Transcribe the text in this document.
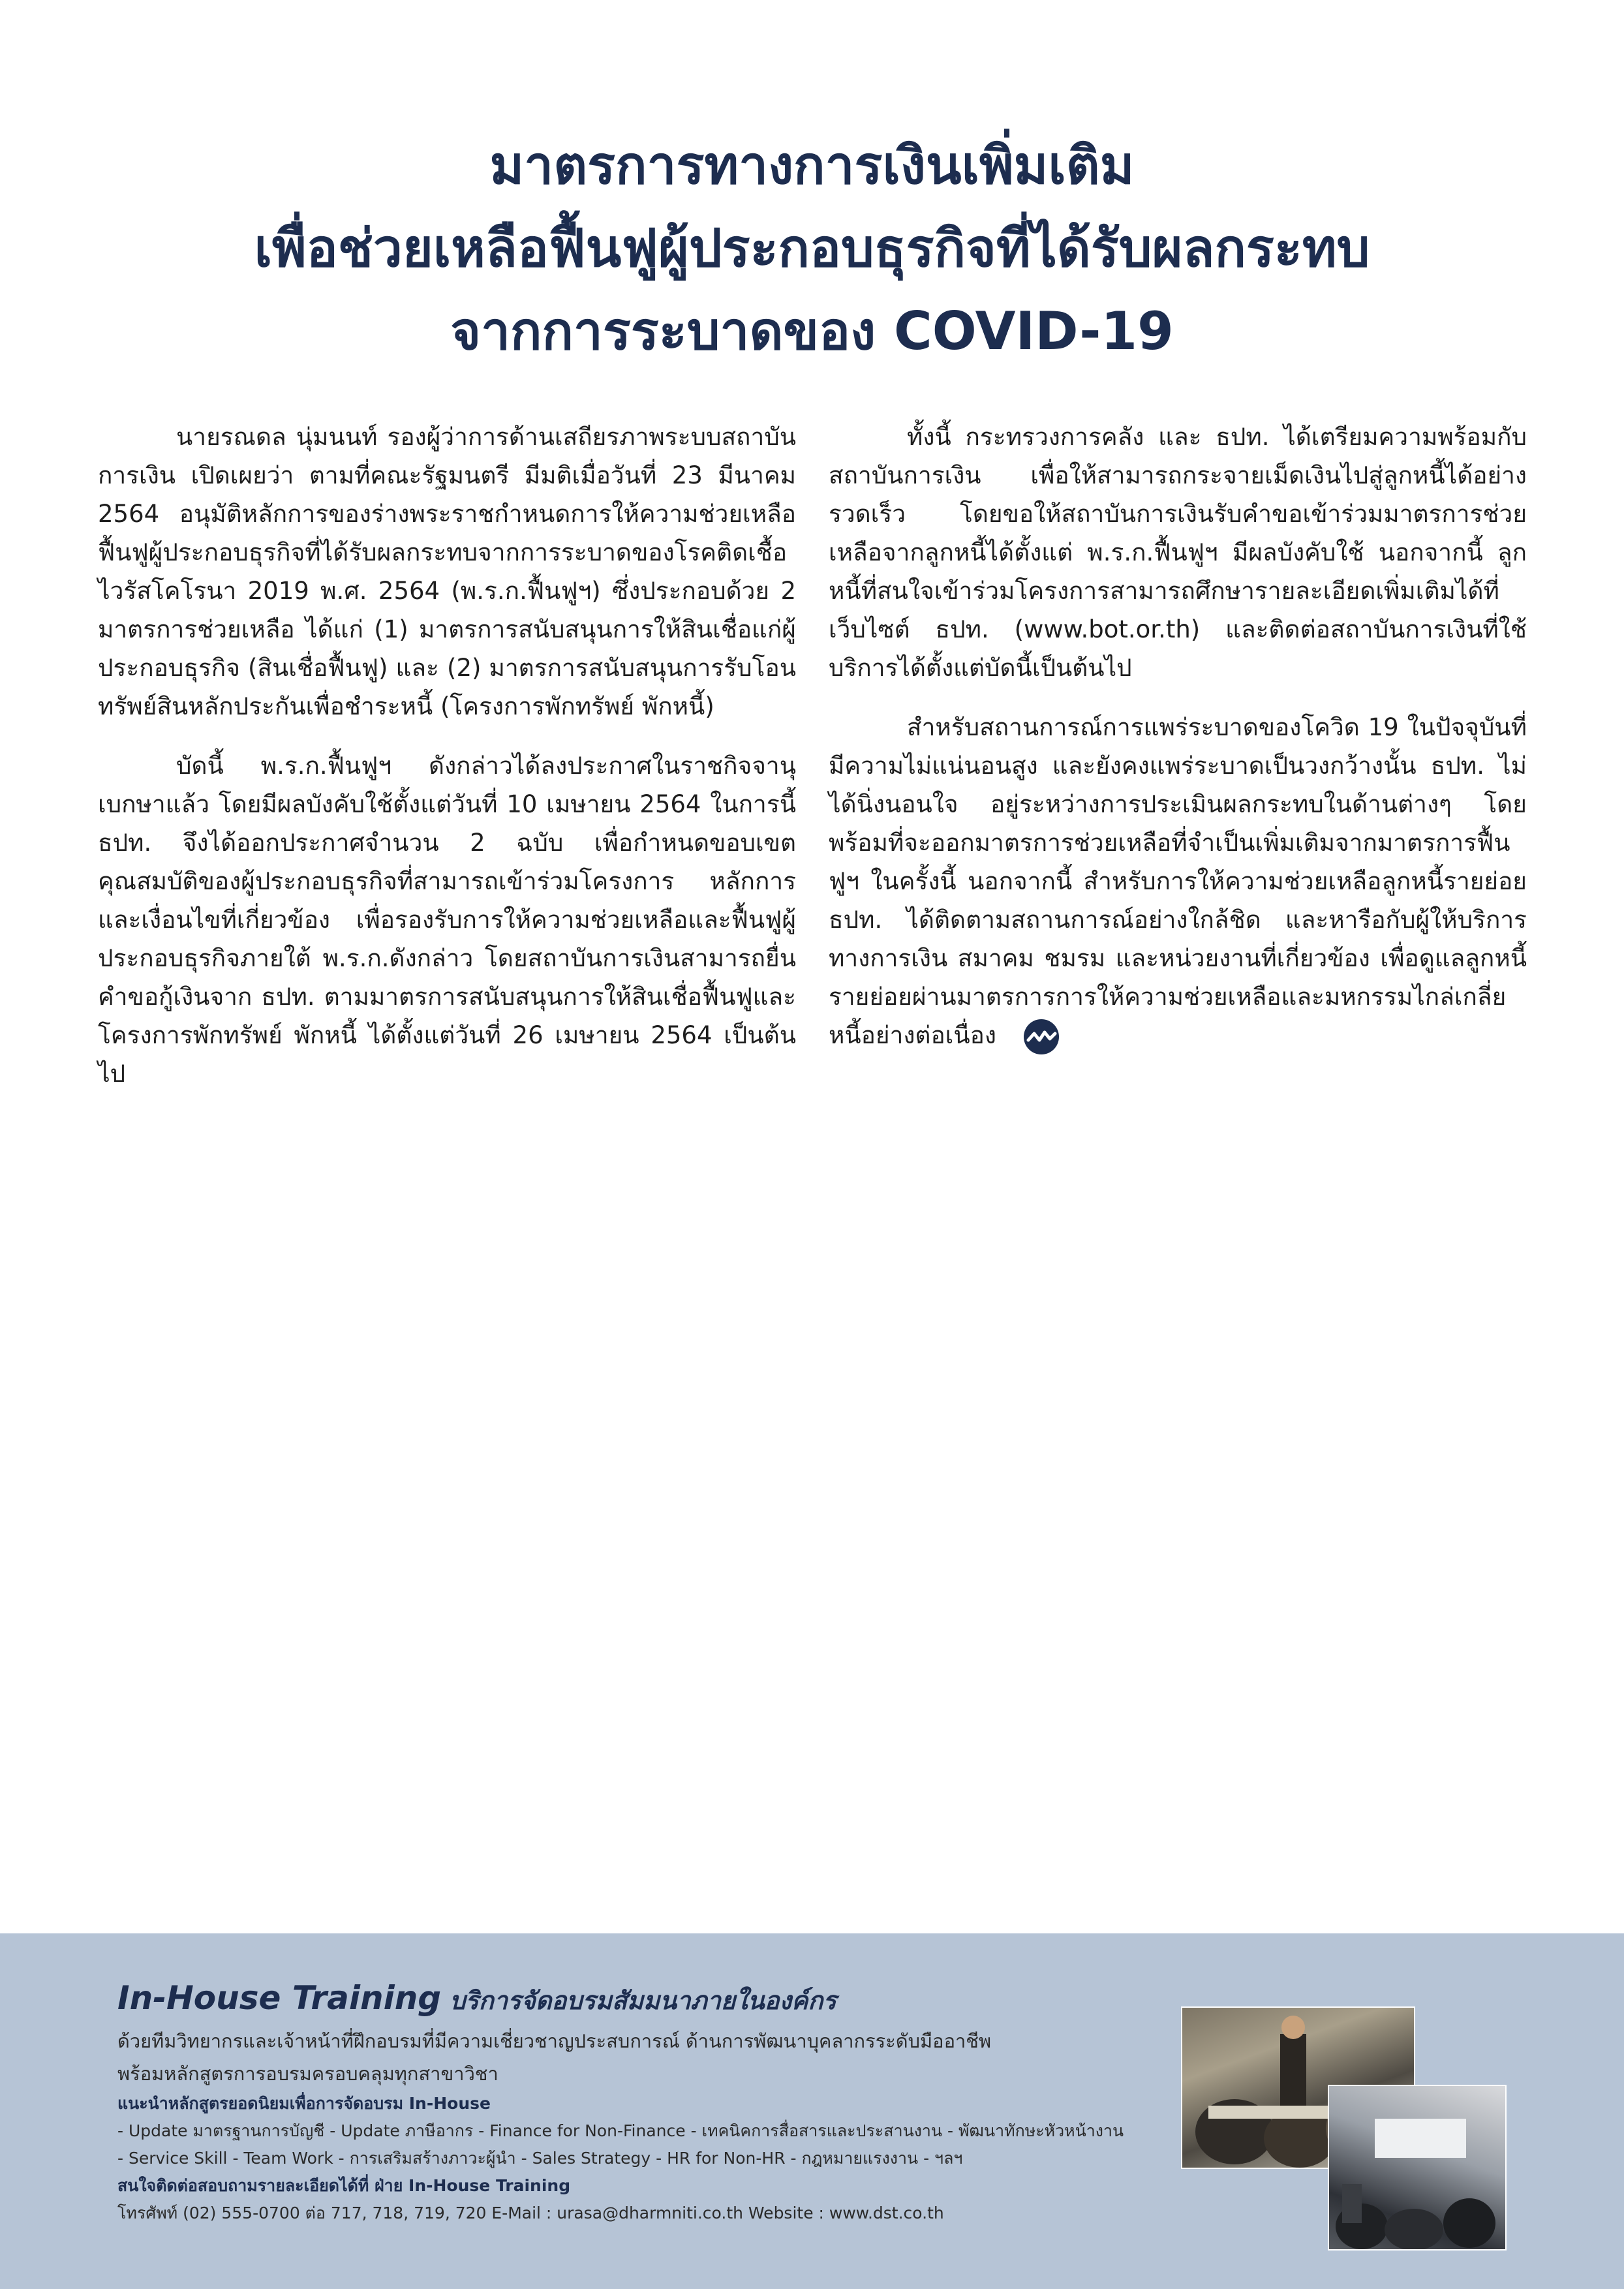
มาตรการทางการเงินเพิ่มเติม
เพื่อช่วยเหลือฟื้นฟูผู้ประกอบธุรกิจที่ได้รับผลกระทบ
จากการระบาดของ COVID-19

นายรณดล นุ่มนนท์ รองผู้ว่าการด้านเสถียรภาพระบบสถาบันการเงิน เปิดเผยว่า ตามที่คณะรัฐมนตรี มีมติเมื่อวันที่ 23 มีนาคม 2564 อนุมัติหลักการของร่างพระราชกำหนดการให้ความช่วยเหลือฟื้นฟูผู้ประกอบธุรกิจที่ได้รับผลกระทบจากการระบาดของโรคติดเชื้อไวรัสโคโรนา 2019 พ.ศ. 2564 (พ.ร.ก.ฟื้นฟูฯ) ซึ่งประกอบด้วย 2 มาตรการช่วยเหลือ ได้แก่ (1) มาตรการสนับสนุนการให้สินเชื่อแก่ผู้ประกอบธุรกิจ (สินเชื่อฟื้นฟู) และ (2) มาตรการสนับสนุนการรับโอนทรัพย์สินหลักประกันเพื่อชำระหนี้ (โครงการพักทรัพย์ พักหนี้)

บัดนี้ พ.ร.ก.ฟื้นฟูฯ ดังกล่าวได้ลงประกาศในราชกิจจานุเบกษาแล้ว โดยมีผลบังคับใช้ตั้งแต่วันที่ 10 เมษายน 2564 ในการนี้ ธปท. จึงได้ออกประกาศจำนวน 2 ฉบับ เพื่อกำหนดขอบเขตคุณสมบัติของผู้ประกอบธุรกิจที่สามารถเข้าร่วมโครงการ หลักการ และเงื่อนไขที่เกี่ยวข้อง เพื่อรองรับการให้ความช่วยเหลือและฟื้นฟูผู้ประกอบธุรกิจภายใต้ พ.ร.ก.ดังกล่าว โดยสถาบันการเงินสามารถยื่นคำขอกู้เงินจาก ธปท. ตามมาตรการสนับสนุนการให้สินเชื่อฟื้นฟูและโครงการพักทรัพย์ พักหนี้ ได้ตั้งแต่วันที่ 26 เมษายน 2564 เป็นต้นไป

ทั้งนี้ กระทรวงการคลัง และ ธปท. ได้เตรียมความพร้อมกับสถาบันการเงิน เพื่อให้สามารถกระจายเม็ดเงินไปสู่ลูกหนี้ได้อย่างรวดเร็ว โดยขอให้สถาบันการเงินรับคำขอเข้าร่วมมาตรการช่วยเหลือจากลูกหนี้ได้ตั้งแต่ พ.ร.ก.ฟื้นฟูฯ มีผลบังคับใช้ นอกจากนี้ ลูกหนี้ที่สนใจเข้าร่วมโครงการสามารถศึกษารายละเอียดเพิ่มเติมได้ที่เว็บไซต์ ธปท. (www.bot.or.th) และติดต่อสถาบันการเงินที่ใช้บริการได้ตั้งแต่บัดนี้เป็นต้นไป

สำหรับสถานการณ์การแพร่ระบาดของโควิด 19 ในปัจจุบันที่มีความไม่แน่นอนสูง และยังคงแพร่ระบาดเป็นวงกว้างนั้น ธปท. ไม่ได้นิ่งนอนใจ อยู่ระหว่างการประเมินผลกระทบในด้านต่างๆ โดยพร้อมที่จะออกมาตรการช่วยเหลือที่จำเป็นเพิ่มเติมจากมาตรการฟื้นฟูฯ ในครั้งนี้ นอกจากนี้ สำหรับการให้ความช่วยเหลือลูกหนี้รายย่อย ธปท. ได้ติดตามสถานการณ์อย่างใกล้ชิด และหารือกับผู้ให้บริการทางการเงิน สมาคม ชมรม และหน่วยงานที่เกี่ยวข้อง เพื่อดูแลลูกหนี้รายย่อยผ่านมาตรการการให้ความช่วยเหลือและมหกรรมไกล่เกลี่ยหนี้อย่างต่อเนื่อง

In-House Training บริการจัดอบรมสัมมนาภายในองค์กร
ด้วยทีมวิทยากรและเจ้าหน้าที่ฝึกอบรมที่มีความเชี่ยวชาญประสบการณ์ ด้านการพัฒนาบุคลากรระดับมืออาชีพ
พร้อมหลักสูตรการอบรมครอบคลุมทุกสาขาวิชา
แนะนำหลักสูตรยอดนิยมเพื่อการจัดอบรม In-House
- Update มาตรฐานการบัญชี - Update ภาษีอากร - Finance for Non-Finance - เทคนิคการสื่อสารและประสานงาน - พัฒนาทักษะหัวหน้างาน
- Service Skill - Team Work - การเสริมสร้างภาวะผู้นำ - Sales Strategy - HR for Non-HR - กฎหมายแรงงาน - ฯลฯ
สนใจติดต่อสอบถามรายละเอียดได้ที่ ฝ่าย In-House Training
โทรศัพท์ (02) 555-0700 ต่อ 717, 718, 719, 720 E-Mail : urasa@dharmniti.co.th Website : www.dst.co.th
